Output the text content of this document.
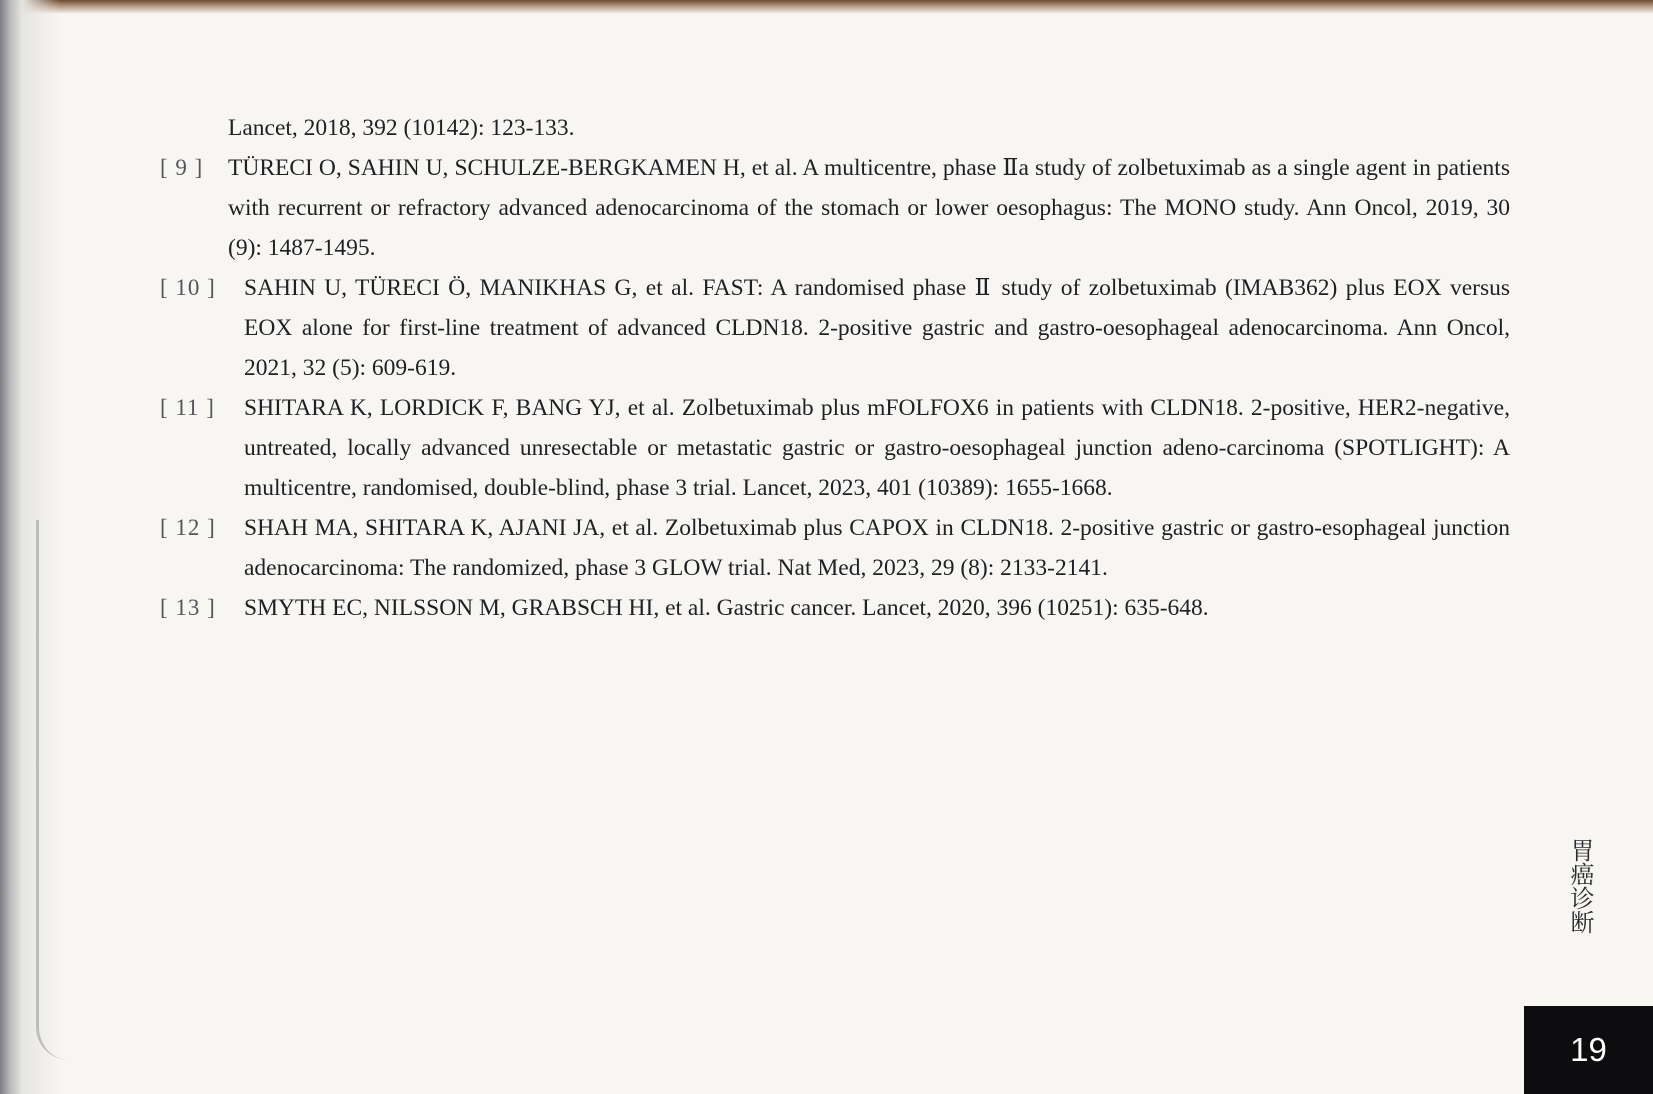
Lancet, 2018, 392 (10142): 123-133.
[ 9 ] TÜRECI O, SAHIN U, SCHULZE-BERGKAMEN H, et al. A multicentre, phase Ⅱa study of zolbetuximab as a single agent in patients with recurrent or refractory advanced adenocarcinoma of the stomach or lower oesophagus: The MONO study. Ann Oncol, 2019, 30 (9): 1487-1495.
[ 10 ] SAHIN U, TÜRECI Ö, MANIKHAS G, et al. FAST: A randomised phase Ⅱ study of zolbetuximab (IMAB362) plus EOX versus EOX alone for first-line treatment of advanced CLDN18. 2-positive gastric and gastro-oesophageal adenocarcinoma. Ann Oncol, 2021, 32 (5): 609-619.
[ 11 ] SHITARA K, LORDICK F, BANG YJ, et al. Zolbetuximab plus mFOLFOX6 in patients with CLDN18. 2-positive, HER2-negative, untreated, locally advanced unresectable or metastatic gastric or gastro-oesophageal junction adeno-carcinoma (SPOTLIGHT): A multicentre, randomised, double-blind, phase 3 trial. Lancet, 2023, 401 (10389): 1655-1668.
[ 12 ] SHAH MA, SHITARA K, AJANI JA, et al. Zolbetuximab plus CAPOX in CLDN18. 2-positive gastric or gastro-esophageal junction adenocarcinoma: The randomized, phase 3 GLOW trial. Nat Med, 2023, 29 (8): 2133-2141.
[ 13 ] SMYTH EC, NILSSON M, GRABSCH HI, et al. Gastric cancer. Lancet, 2020, 396 (10251): 635-648.
胃癌诊断
19
